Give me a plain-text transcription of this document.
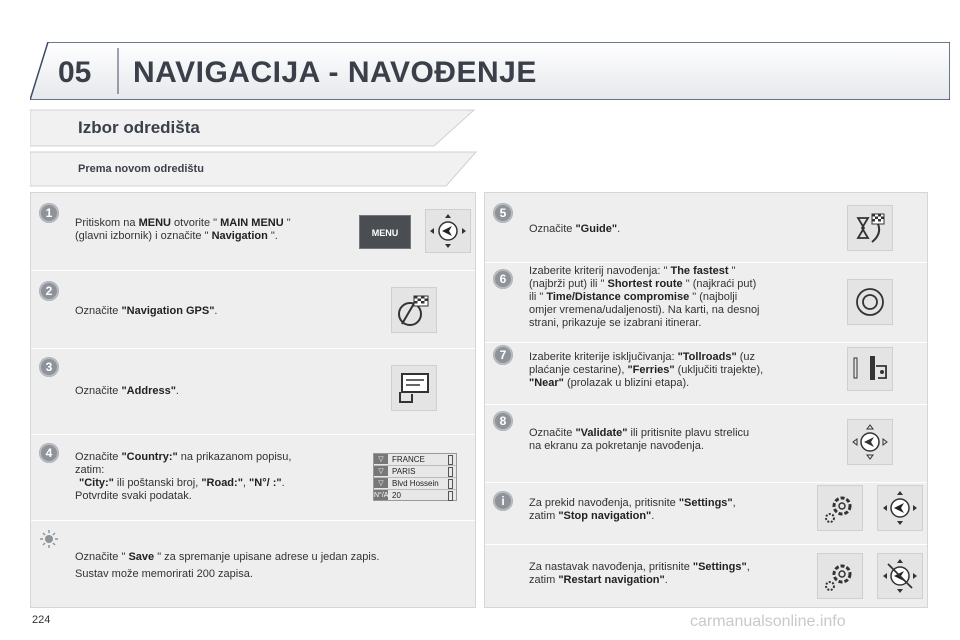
05 NAVIGACIJA - NAVOĐENJE
Izbor odredišta
Prema novom odredištu
1
Pritiskom na MENU otvorite " MAIN MENU "
(glavni izbornik) i označite " Navigation ".	MENU
2
Označite "Navigation GPS".
3
Označite "Address".
4	Označite "Country:" na prikazanom popisu,
zatim:
"City:" ili poštanski broj, "Road:", "N°/ :".
Potvrdite svaki podatak.
▽	FRANCE
▽	PARIS
▽	Blvd Hossein
N°/A 20
Označite " Save " za spremanje upisane adrese u jedan zapis.
Sustav može memorirati 200 zapisa.
5
Označite "Guide".
6
Izaberite kriterij navođenja: " The fastest "
(najbrži put) ili " Shortest route " (najkraći put)
ili " Time/Distance compromise " (najbolji
omjer vremena/udaljenosti). Na karti, na desnoj
strani, prikazuje se izabrani itinerar.
7	Izaberite kriterije isključivanja: "Tollroads" (uz
plaćanje cestarine), "Ferries" (uključiti trajekte),
"Near" (prolazak u blizini etapa).
8
Označite "Validate" ili pritisnite plavu strelicu
na ekranu za pokretanje navođenja.
i	Za prekid navođenja, pritisnite "Settings",
zatim "Stop navigation".
Za nastavak navođenja, pritisnite "Settings",
zatim "Restart navigation".
224	carmanualsonline.info
